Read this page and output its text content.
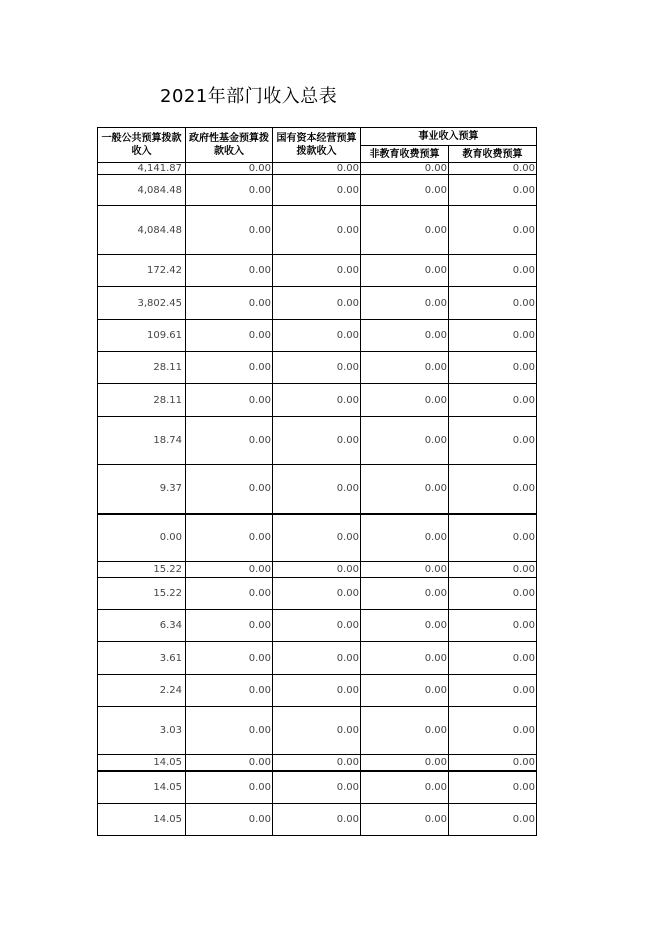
2021年部门收入总表
一般公共预算拨款收入	政府性基金预算拨款收入	国有资本经营预算拨款收入	事业收入预算	
			非教育收费预算	教育收费预算
4,141.87	0.00	0.00	0.00	0.00
4,084.48	0.00	0.00	0.00	0.00
4,084.48	0.00	0.00	0.00	0.00
172.42	0.00	0.00	0.00	0.00
3,802.45	0.00	0.00	0.00	0.00
109.61	0.00	0.00	0.00	0.00
28.11	0.00	0.00	0.00	0.00
28.11	0.00	0.00	0.00	0.00
18.74	0.00	0.00	0.00	0.00
9.37	0.00	0.00	0.00	0.00
0.00	0.00	0.00	0.00	0.00
15.22	0.00	0.00	0.00	0.00
15.22	0.00	0.00	0.00	0.00
6.34	0.00	0.00	0.00	0.00
3.61	0.00	0.00	0.00	0.00
2.24	0.00	0.00	0.00	0.00
3.03	0.00	0.00	0.00	0.00
14.05	0.00	0.00	0.00	0.00
14.05	0.00	0.00	0.00	0.00
14.05	0.00	0.00	0.00	0.00
